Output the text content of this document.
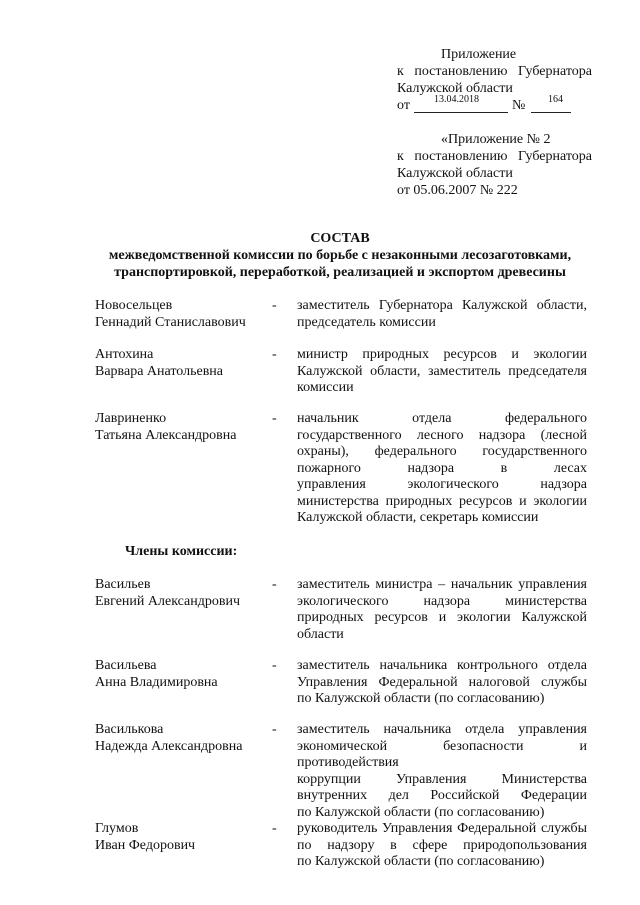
Приложение
к постановлению Губернатора
Калужской области
от 13.04.2018 № 164
«Приложение № 2
к постановлению Губернатора
Калужской области
от 05.06.2007 № 222
СОСТАВ
межведомственной комиссии по борьбе с незаконными лесозаготовками,
транспортировкой, переработкой, реализацией и экспортом древесины
Новосельцев
Геннадий Станиславович
- заместитель Губернатора Калужской области,
председатель комиссии
Антохина
Варвара Анатольевна
- министр природных ресурсов и экологии
Калужской области, заместитель председателя
комиссии
Лавриненко
Татьяна Александровна
- начальник отдела федерального
государственного лесного надзора (лесной
охраны), федерального государственного
пожарного надзора в лесах
управления экологического надзора
министерства природных ресурсов и экологии
Калужской области, секретарь комиссии
Члены комиссии:
Васильев
Евгений Александрович
- заместитель министра – начальник управления
экологического надзора министерства
природных ресурсов и экологии Калужской
области
Васильева
Анна Владимировна
- заместитель начальника контрольного отдела
Управления Федеральной налоговой службы
по Калужской области (по согласованию)
Василькова
Надежда Александровна
- заместитель начальника отдела управления
экономической безопасности и противодействия
коррупции Управления Министерства
внутренних дел Российской Федерации
по Калужской области (по согласованию)
Глумов
Иван Федорович
- руководитель Управления Федеральной службы
по надзору в сфере природопользования
по Калужской области (по согласованию)
